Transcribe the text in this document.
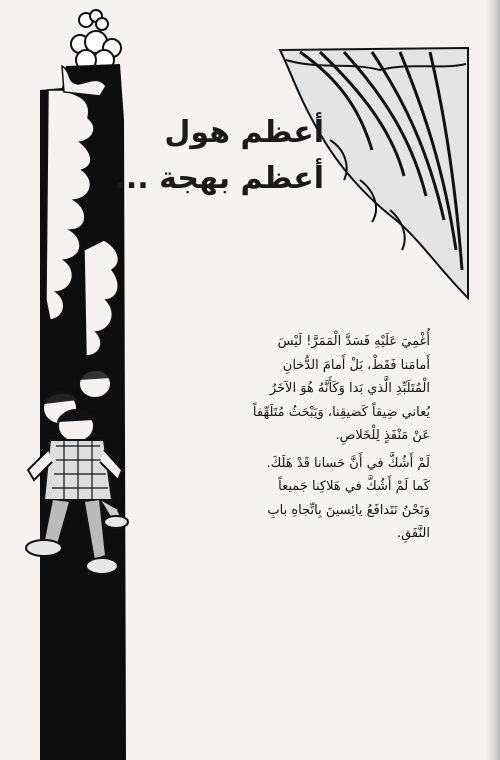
أعظم هول
أعظم بهجة ...

أُغْمِيَ عَلَيْهِ فَسَدَّ الْمَمَرَّ! لَيْسَ أَمامَنا فَقَطْ، بَلْ أَمامَ الدُّخانِ الْمُتَلَبِّدِ الَّذي بَدا وَكَأَنَّهُ هُوَ الآخَرُ يُعاني ضِيقاً كَضيقِنا، وَيَبْحَثُ مُتَلَهِّفاً عَنْ مَنْفَذٍ لِلْخَلاصِ.

لَمْ أَشُكَّ في أَنَّ حَسانا قَدْ هَلَكَ. كَما لَمْ أَشُكَّ في هَلاكِنا جَميعاً وَنَحْنُ نَتَدافَعُ يائِسينَ بِاتِّجاهِ بابِ النَّفَقِ.
